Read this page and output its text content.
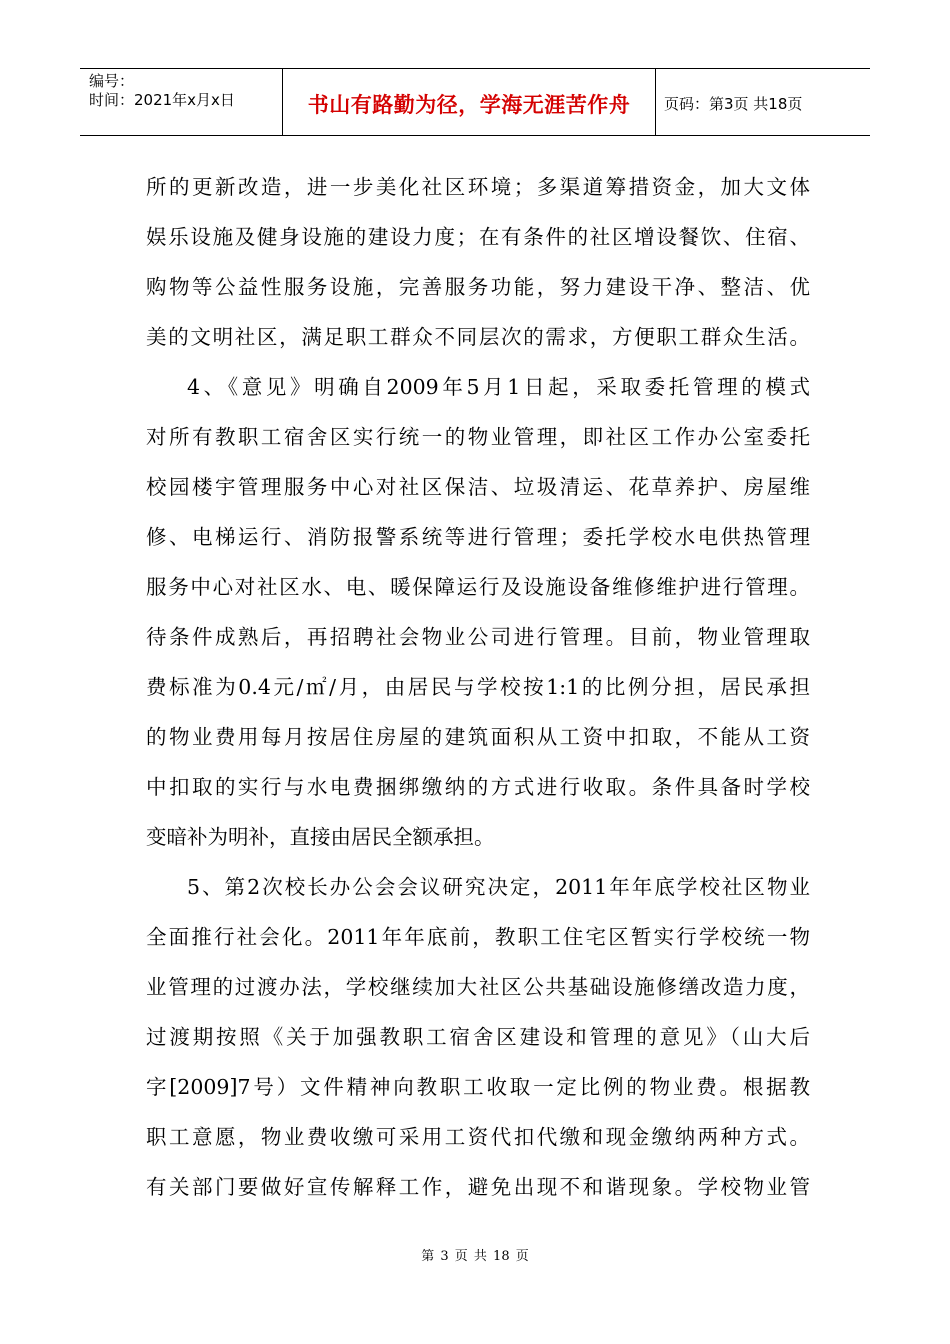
编号：
时间：2021年x月x日	书山有路勤为径，学海无涯苦作舟 页码：第3页 共18页
所的更新改造，进一步美化社区环境；多渠道筹措资金，加大文体
娱乐设施及健身设施的建设力度；在有条件的社区增设餐饮、住宿、
购物等公益性服务设施，完善服务功能，努力建设干净、整洁、优
美的文明社区，满足职工群众不同层次的需求，方便职工群众生活。
4、《意见》明确自2009年5月1日起，采取委托管理的模式
对所有教职工宿舍区实行统一的物业管理，即社区工作办公室委托
校园楼宇管理服务中心对社区保洁、垃圾清运、花草养护、房屋维
修、电梯运行、消防报警系统等进行管理；委托学校水电供热管理
服务中心对社区水、电、暖保障运行及设施设备维修维护进行管理。
待条件成熟后，再招聘社会物业公司进行管理。目前，物业管理取
费标准为0.4元/㎡/月，由居民与学校按1:1的比例分担，居民承担
的物业费用每月按居住房屋的建筑面积从工资中扣取，不能从工资
中扣取的实行与水电费捆绑缴纳的方式进行收取。条件具备时学校
变暗补为明补，直接由居民全额承担。
5、第2次校长办公会会议研究决定，2011年年底学校社区物业
全面推行社会化。2011年年底前，教职工住宅区暂实行学校统一物
业管理的过渡办法，学校继续加大社区公共基础设施修缮改造力度，
过渡期按照《关于加强教职工宿舍区建设和管理的意见》（山大后
字[2009]7号）文件精神向教职工收取一定比例的物业费。根据教
职工意愿，物业费收缴可采用工资代扣代缴和现金缴纳两种方式。
有关部门要做好宣传解释工作，避免出现不和谐现象。学校物业管
第 3 页 共 18 页
